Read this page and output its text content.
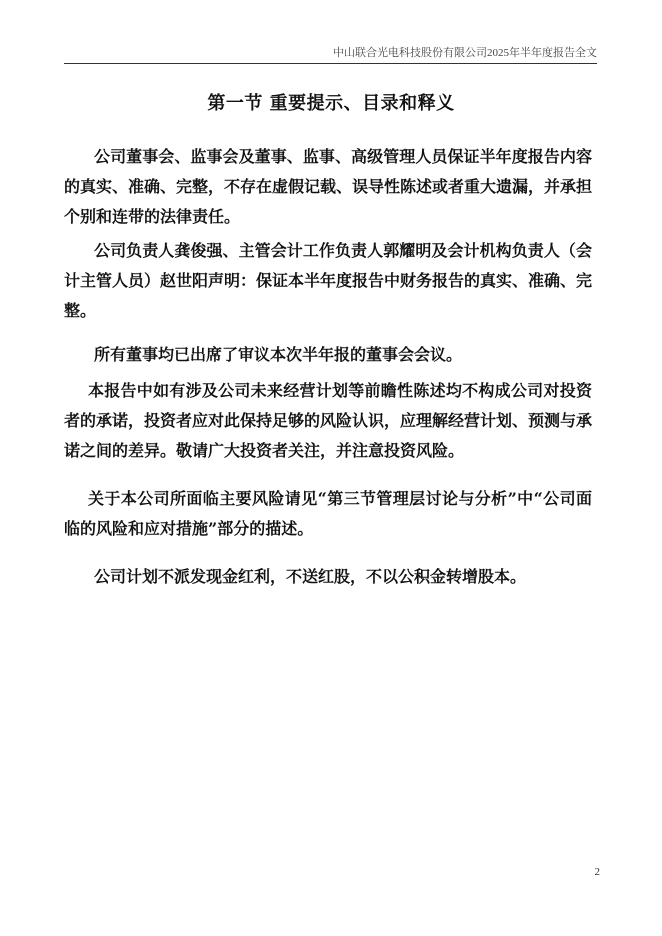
中山联合光电科技股份有限公司2025年半年度报告全文
第一节 重要提示、目录和释义

公司董事会、监事会及董事、监事、高级管理人员保证半年度报告内容的真实、准确、完整，不存在虚假记载、误导性陈述或者重大遗漏，并承担个别和连带的法律责任。

公司负责人龚俊强、主管会计工作负责人郭耀明及会计机构负责人（会计主管人员）赵世阳声明：保证本半年度报告中财务报告的真实、准确、完整。

所有董事均已出席了审议本次半年报的董事会会议。

本报告中如有涉及公司未来经营计划等前瞻性陈述均不构成公司对投资者的承诺，投资者应对此保持足够的风险认识，应理解经营计划、预测与承诺之间的差异。敬请广大投资者关注，并注意投资风险。

关于本公司所面临主要风险请见“第三节管理层讨论与分析”中“公司面临的风险和应对措施”部分的描述。

公司计划不派发现金红利，不送红股，不以公积金转增股本。

2
